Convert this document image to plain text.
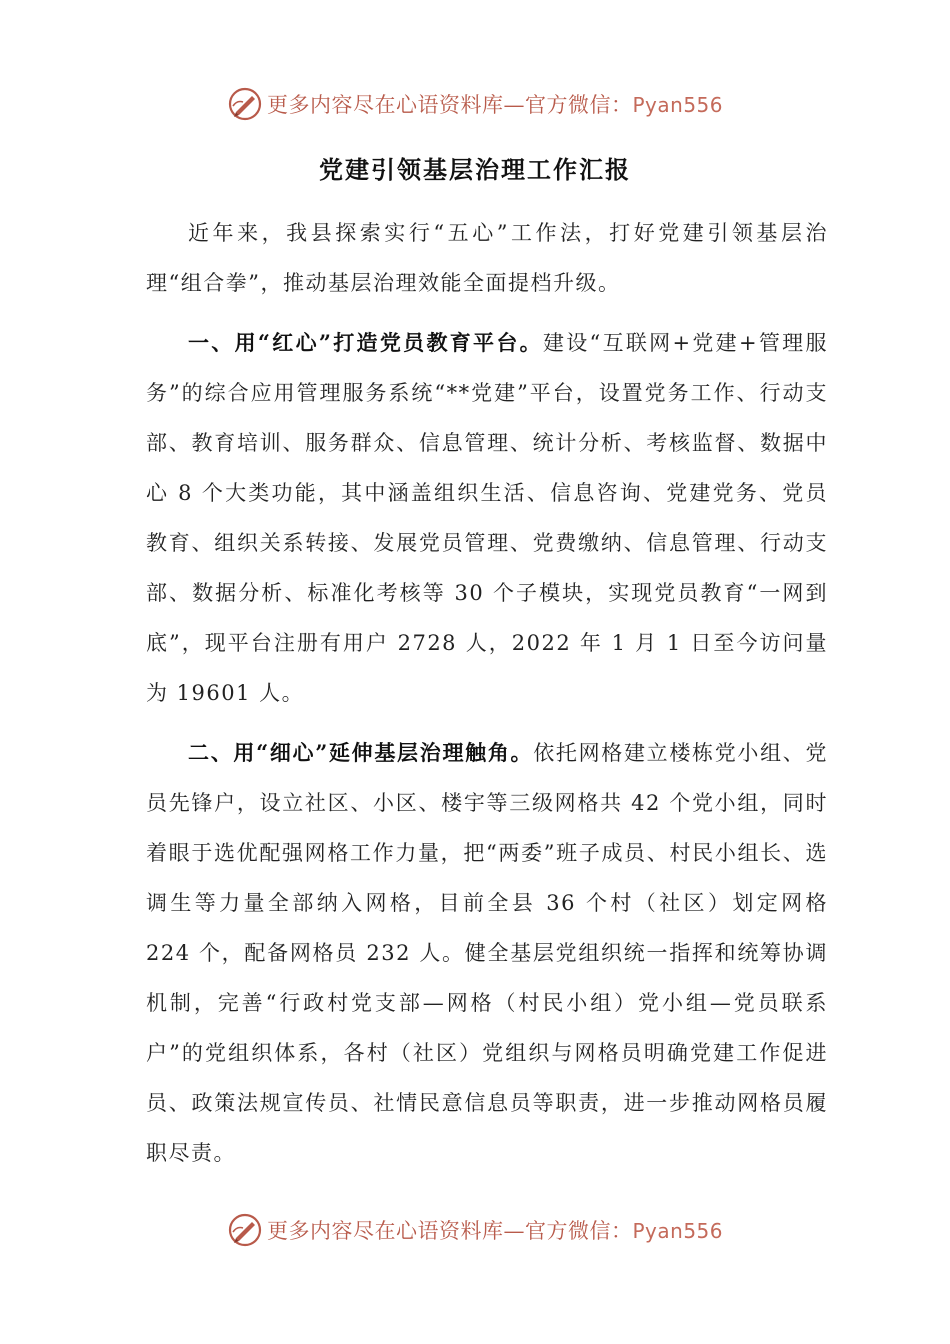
更多内容尽在心语资料库—官方微信：Pyan556
党建引领基层治理工作汇报

近年来，我县探索实行“五心”工作法，打好党建引领基层治理“组合拳”，推动基层治理效能全面提档升级。

一、用“红心”打造党员教育平台。建设“互联网+党建+管理服务”的综合应用管理服务系统“**党建”平台，设置党务工作、行动支部、教育培训、服务群众、信息管理、统计分析、考核监督、数据中心 8 个大类功能，其中涵盖组织生活、信息咨询、党建党务、党员教育、组织关系转接、发展党员管理、党费缴纳、信息管理、行动支部、数据分析、标准化考核等 30 个子模块，实现党员教育“一网到底”，现平台注册有用户 2728 人，2022 年 1 月 1 日至今访问量为 19601 人。

二、用“细心”延伸基层治理触角。依托网格建立楼栋党小组、党员先锋户，设立社区、小区、楼宇等三级网格共 42 个党小组，同时着眼于选优配强网格工作力量，把“两委”班子成员、村民小组长、选调生等力量全部纳入网格，目前全县 36 个村（社区）划定网格 224 个，配备网格员 232 人。健全基层党组织统一指挥和统筹协调机制，完善“行政村党支部—网格（村民小组）党小组—党员联系户”的党组织体系，各村（社区）党组织与网格员明确党建工作促进员、政策法规宣传员、社情民意信息员等职责，进一步推动网格员履职尽责。

更多内容尽在心语资料库—官方微信：Pyan556
